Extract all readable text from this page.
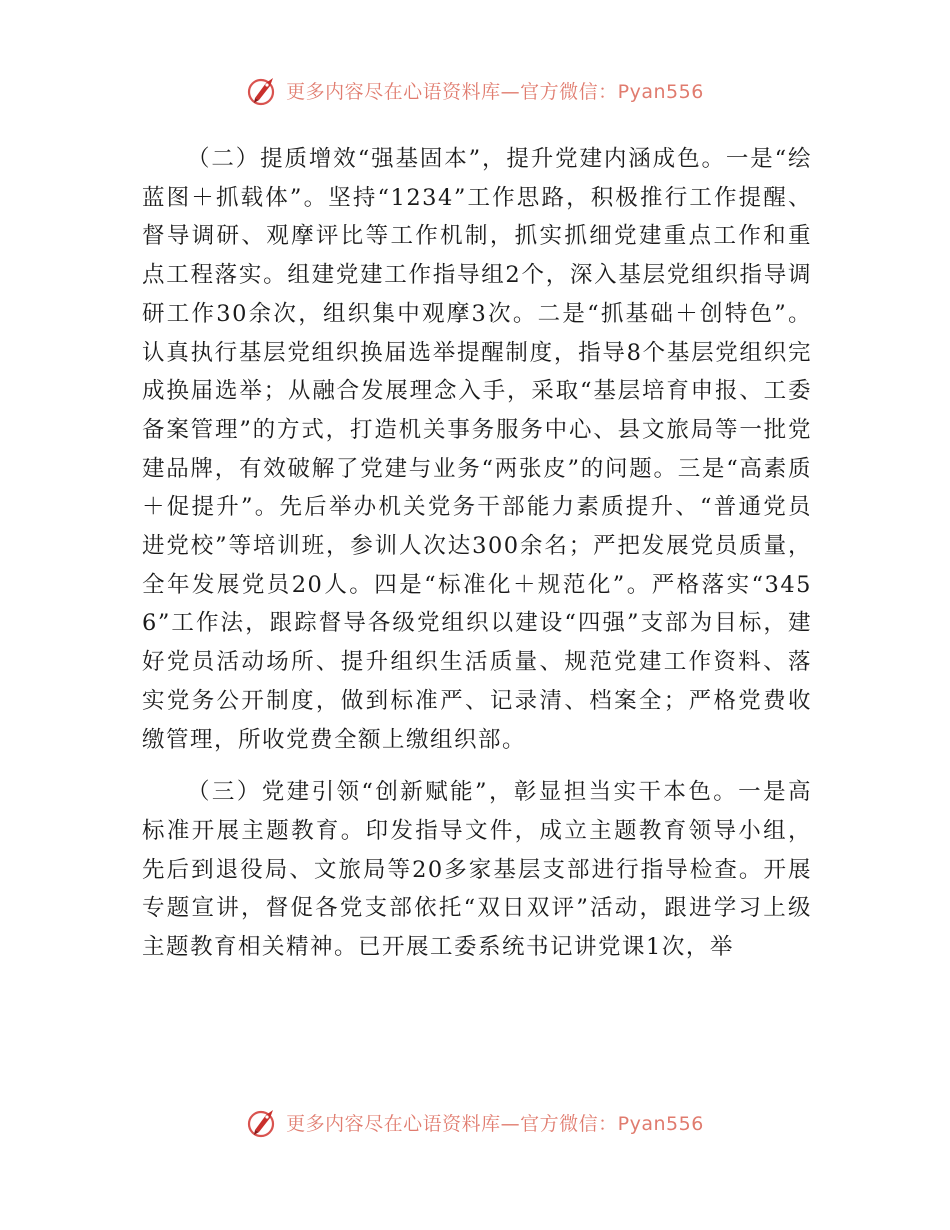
更多内容尽在心语资料库—官方微信：Pyan556

（二）提质增效“强基固本”，提升党建内涵成色。一是“绘蓝图＋抓载体”。坚持“1234”工作思路，积极推行工作提醒、督导调研、观摩评比等工作机制，抓实抓细党建重点工作和重点工程落实。组建党建工作指导组2个，深入基层党组织指导调研工作30余次，组织集中观摩3次。二是“抓基础＋创特色”。认真执行基层党组织换届选举提醒制度，指导8个基层党组织完成换届选举；从融合发展理念入手，采取“基层培育申报、工委备案管理”的方式，打造机关事务服务中心、县文旅局等一批党建品牌，有效破解了党建与业务“两张皮”的问题。三是“高素质＋促提升”。先后举办机关党务干部能力素质提升、“普通党员进党校”等培训班，参训人次达300余名；严把发展党员质量，全年发展党员20人。四是“标准化＋规范化”。严格落实“3456”工作法，跟踪督导各级党组织以建设“四强”支部为目标，建好党员活动场所、提升组织生活质量、规范党建工作资料、落实党务公开制度，做到标准严、记录清、档案全；严格党费收缴管理，所收党费全额上缴组织部。

（三）党建引领“创新赋能”，彰显担当实干本色。一是高标准开展主题教育。印发指导文件，成立主题教育领导小组，先后到退役局、文旅局等20多家基层支部进行指导检查。开展专题宣讲，督促各党支部依托“双日双评”活动，跟进学习上级主题教育相关精神。已开展工委系统书记讲党课1次，举

更多内容尽在心语资料库—官方微信：Pyan556
